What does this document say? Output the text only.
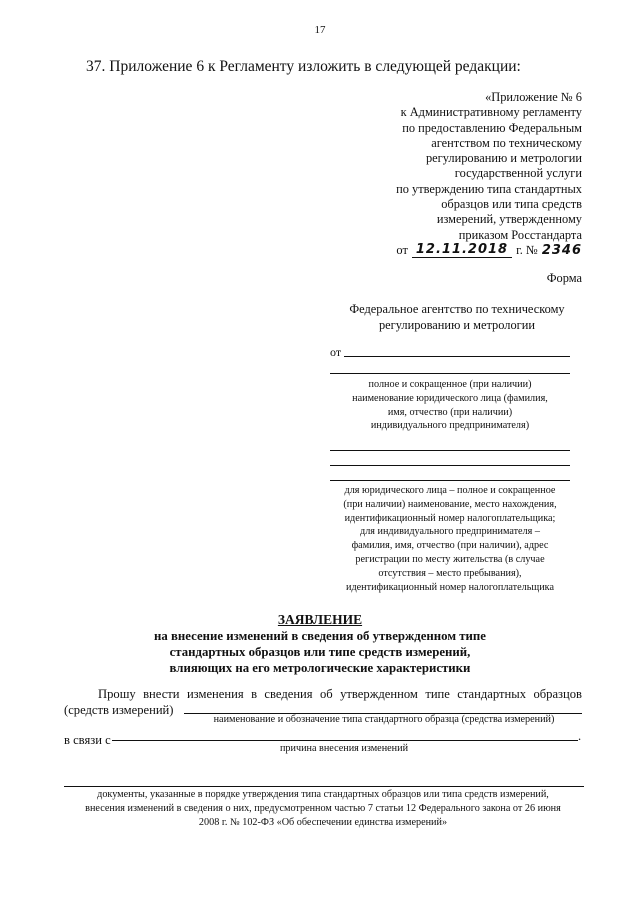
17
37. Приложение 6 к Регламенту изложить в следующей редакции:
«Приложение № 6
к Административному регламенту
по предоставлению Федеральным
агентством по техническому
регулированию и метрологии
государственной услуги
по утверждению типа стандартных
образцов или типа средств
измерений, утвержденному
приказом Росстандарта
от 12.11.2018 г. № 2346
Форма
Федеральное агентство по техническому
регулированию и метрологии
от
полное и сокращенное (при наличии)
наименование юридического лица (фамилия,
имя, отчество (при наличии)
индивидуального предпринимателя)
для юридического лица – полное и сокращенное
(при наличии) наименование, место нахождения,
идентификационный номер налогоплательщика;
для индивидуального предпринимателя –
фамилия, имя, отчество (при наличии), адрес
регистрации по месту жительства (в случае
отсутствия – место пребывания),
идентификационный номер налогоплательщика
ЗАЯВЛЕНИЕ
на внесение изменений в сведения об утвержденном типе
стандартных образцов или типе средств измерений,
влияющих на его метрологические характеристики
Прошу внести изменения в сведения об утвержденном типе стандартных образцов
(средств измерений)
наименование и обозначение типа стандартного образца (средства измерений)
в связи с	.
причина внесения изменений
документы, указанные в порядке утверждения типа стандартных образцов или типа средств измерений,
внесения изменений в сведения о них, предусмотренном частью 7 статьи 12 Федерального закона от 26 июня
2008 г. № 102-ФЗ «Об обеспечении единства измерений»
